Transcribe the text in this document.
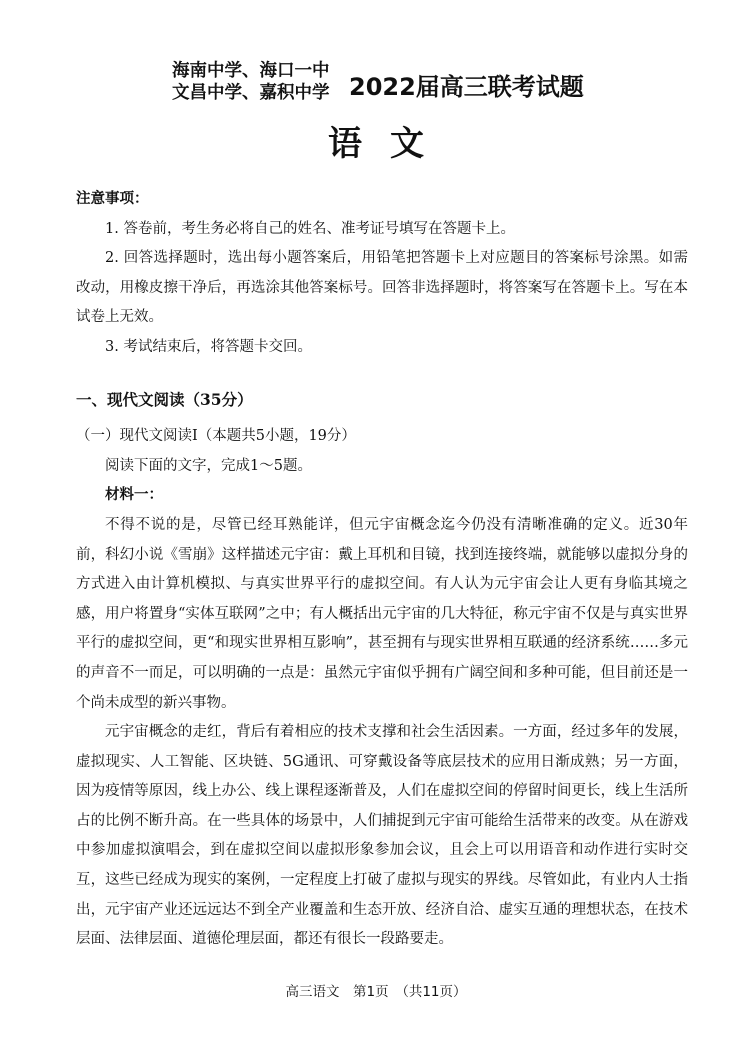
海南中学、海口一中
文昌中学、嘉积中学 2022届高三联考试题
语文
注意事项：

1. 答卷前，考生务必将自己的姓名、准考证号填写在答题卡上。

2. 回答选择题时，选出每小题答案后，用铅笔把答题卡上对应题目的答案标号涂黑。如需改动，用橡皮擦干净后，再选涂其他答案标号。回答非选择题时，将答案写在答题卡上。写在本试卷上无效。

3. 考试结束后，将答题卡交回。

一、现代文阅读（35分）

（一）现代文阅读Ⅰ（本题共5小题，19分）

阅读下面的文字，完成1～5题。

材料一：

不得不说的是，尽管已经耳熟能详，但元宇宙概念迄今仍没有清晰准确的定义。近30年前，科幻小说《雪崩》这样描述元宇宙：戴上耳机和目镜，找到连接终端，就能够以虚拟分身的方式进入由计算机模拟、与真实世界平行的虚拟空间。有人认为元宇宙会让人更有身临其境之感，用户将置身“实体互联网”之中；有人概括出元宇宙的几大特征，称元宇宙不仅是与真实世界平行的虚拟空间，更“和现实世界相互影响”，甚至拥有与现实世界相互联通的经济系统……多元的声音不一而足，可以明确的一点是：虽然元宇宙似乎拥有广阔空间和多种可能，但目前还是一个尚未成型的新兴事物。

元宇宙概念的走红，背后有着相应的技术支撑和社会生活因素。一方面，经过多年的发展，虚拟现实、人工智能、区块链、5G通讯、可穿戴设备等底层技术的应用日渐成熟；另一方面，因为疫情等原因，线上办公、线上课程逐渐普及，人们在虚拟空间的停留时间更长，线上生活所占的比例不断升高。在一些具体的场景中，人们捕捉到元宇宙可能给生活带来的改变。从在游戏中参加虚拟演唱会，到在虚拟空间以虚拟形象参加会议，且会上可以用语音和动作进行实时交互，这些已经成为现实的案例，一定程度上打破了虚拟与现实的界线。尽管如此，有业内人士指出，元宇宙产业还远远达不到全产业覆盖和生态开放、经济自洽、虚实互通的理想状态，在技术层面、法律层面、道德伦理层面，都还有很长一段路要走。

高三语文　第1页　（共11页）
